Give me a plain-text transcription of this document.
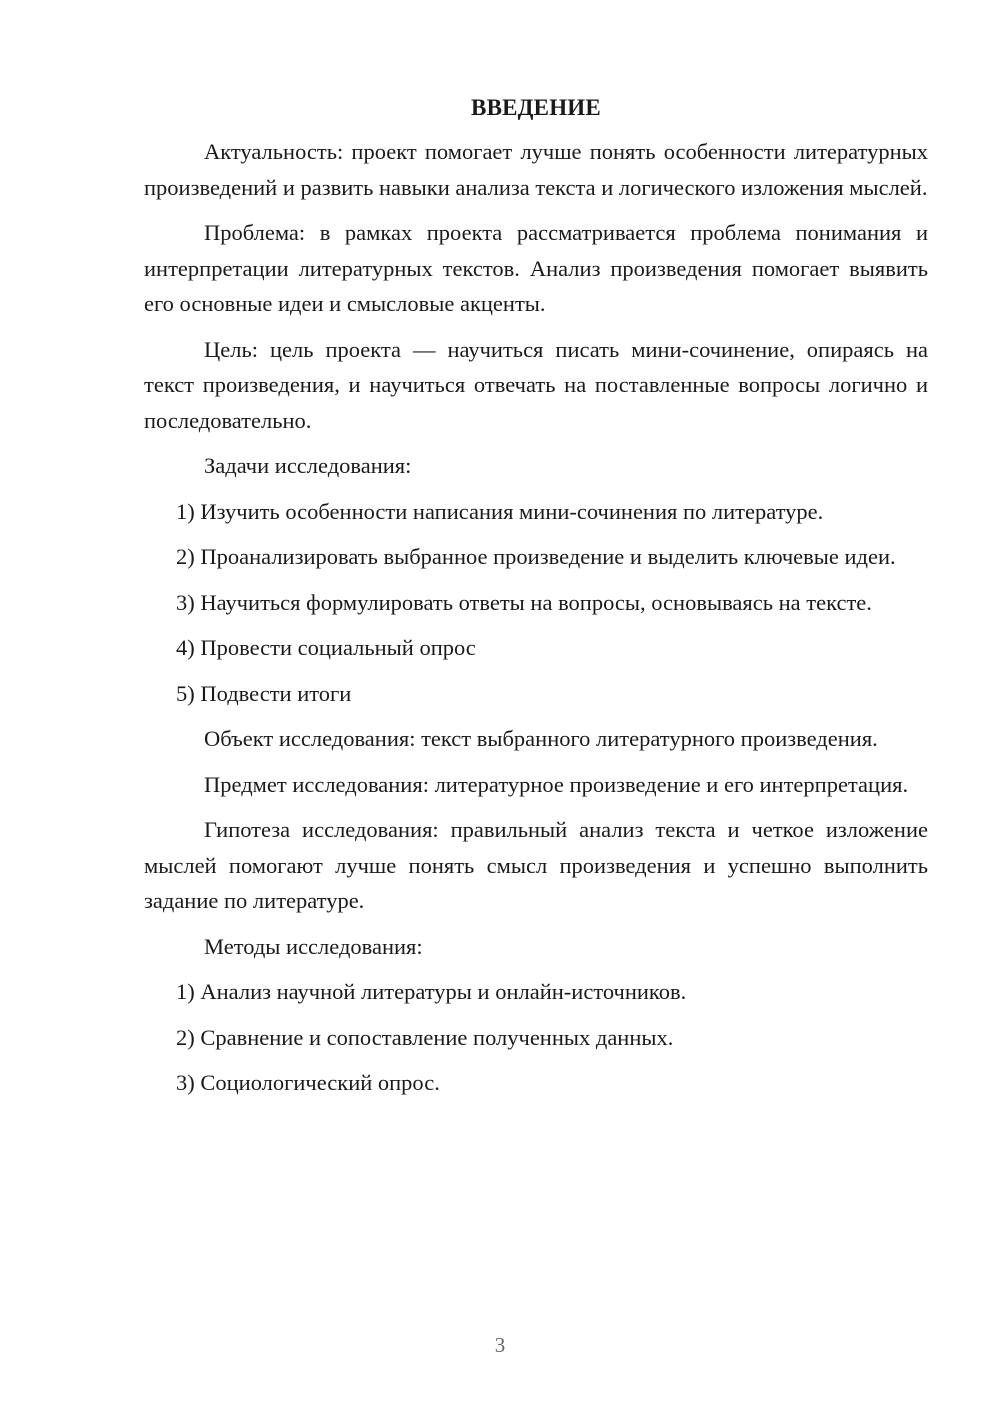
ВВЕДЕНИЕ

Актуальность: проект помогает лучше понять особенности литературных произведений и развить навыки анализа текста и логического изложения мыслей.

Проблема: в рамках проекта рассматривается проблема понимания и интерпретации литературных текстов. Анализ произведения помогает выявить его основные идеи и смысловые акценты.

Цель: цель проекта — научиться писать мини-сочинение, опираясь на текст произведения, и научиться отвечать на поставленные вопросы логично и последовательно.

Задачи исследования:

1) Изучить особенности написания мини-сочинения по литературе.

2) Проанализировать выбранное произведение и выделить ключевые идеи.

3) Научиться формулировать ответы на вопросы, основываясь на тексте.

4) Провести социальный опрос

5) Подвести итоги

Объект исследования: текст выбранного литературного произведения.

Предмет исследования: литературное произведение и его интерпретация.

Гипотеза исследования: правильный анализ текста и четкое изложение мыслей помогают лучше понять смысл произведения и успешно выполнить задание по литературе.

Методы исследования:

1) Анализ научной литературы и онлайн-источников.

2) Сравнение и сопоставление полученных данных.

3) Социологический опрос.

3
